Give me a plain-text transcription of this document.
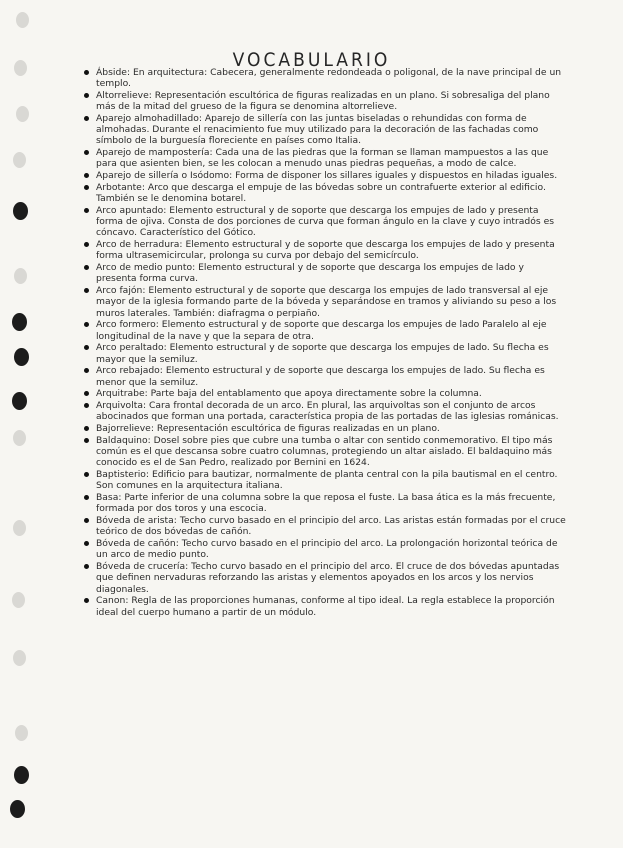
VOCABULARIO
Ábside: En arquitectura: Cabecera, generalmente redondeada o poligonal, de la nave principal de un templo.
Altorrelieve: Representación escultórica de figuras realizadas en un plano. Si sobresaliga del plano más de la mitad del grueso de la figura se denomina altorrelieve.
Aparejo almohadillado: Aparejo de sillería con las juntas biseladas o rehundidas con forma de almohadas. Durante el renacimiento fue muy utilizado para la decoración de las fachadas como símbolo de la burguesía floreciente en países como Italia.
Aparejo de mampostería: Cada una de las piedras que la forman se llaman mampuestos a las que para que asienten bien, se les colocan a menudo unas piedras pequeñas, a modo de calce.
Aparejo de sillería o Isódomo: Forma de disponer los sillares iguales y dispuestos en hiladas iguales.
Arbotante: Arco que descarga el empuje de las bóvedas sobre un contrafuerte exterior al edificio. También se le denomina botarel.
Arco apuntado: Elemento estructural y de soporte que descarga los empujes de lado y presenta forma de ojiva. Consta de dos porciones de curva que forman ángulo en la clave y cuyo intradós es cóncavo. Característico del Gótico.
Arco de herradura: Elemento estructural y de soporte que descarga los empujes de lado y presenta forma ultrasemicircular, prolonga su curva por debajo del semicírculo.
Arco de medio punto: Elemento estructural y de soporte que descarga los empujes de lado y presenta forma curva.
Arco fajón: Elemento estructural y de soporte que descarga los empujes de lado transversal al eje mayor de la iglesia formando parte de la bóveda y separándose en tramos y aliviando su peso a los muros laterales. También: diafragma o perpiaño.
Arco formero: Elemento estructural y de soporte que descarga los empujes de lado Paralelo al eje longitudinal de la nave y que la separa de otra.
Arco peraltado: Elemento estructural y de soporte que descarga los empujes de lado. Su flecha es mayor que la semiluz.
Arco rebajado: Elemento estructural y de soporte que descarga los empujes de lado. Su flecha es menor que la semiluz.
Arquitrabe: Parte baja del entablamento que apoya directamente sobre la columna.
Arquivolta: Cara frontal decorada de un arco. En plural, las arquivoltas son el conjunto de arcos abocinados que forman una portada, característica propia de las portadas de las iglesias románicas.
Bajorrelieve: Representación escultórica de figuras realizadas en un plano.
Baldaquino: Dosel sobre pies que cubre una tumba o altar con sentido conmemorativo. El tipo más común es el que descansa sobre cuatro columnas, protegiendo un altar aislado. El baldaquino más conocido es el de San Pedro, realizado por Bernini en 1624.
Baptisterio: Edificio para bautizar, normalmente de planta central con la pila bautismal en el centro. Son comunes en la arquitectura italiana.
Basa: Parte inferior de una columna sobre la que reposa el fuste. La basa ática es la más frecuente, formada por dos toros y una escocia.
Bóveda de arista: Techo curvo basado en el principio del arco. Las aristas están formadas por el cruce teórico de dos bóvedas de cañón.
Bóveda de cañón: Techo curvo basado en el principio del arco. La prolongación horizontal teórica de un arco de medio punto.
Bóveda de crucería: Techo curvo basado en el principio del arco. El cruce de dos bóvedas apuntadas que definen nervaduras reforzando las aristas y elementos apoyados en los arcos y los nervios diagonales.
Canon: Regla de las proporciones humanas, conforme al tipo ideal. La regla establece la proporción ideal del cuerpo humano a partir de un módulo.
